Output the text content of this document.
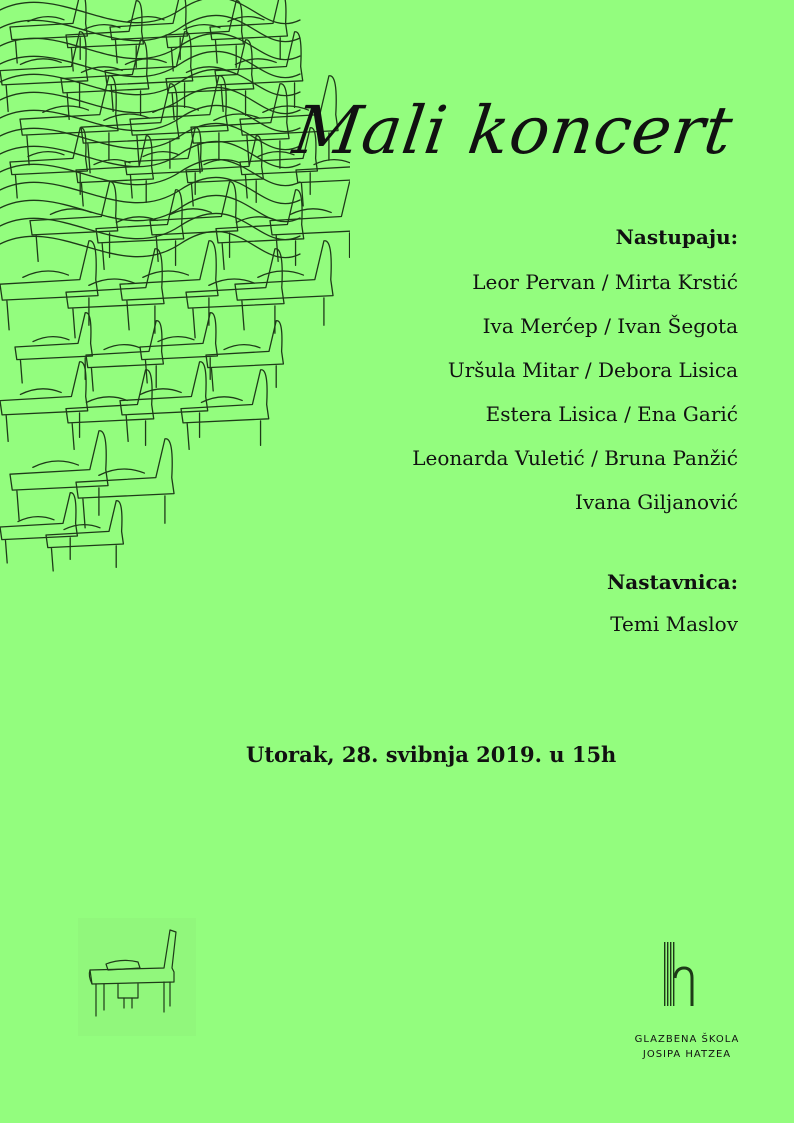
Mali koncert

Nastupaju:

Leor Pervan / Mirta Krstić
Iva Merćep / Ivan Šegota
Uršula Mitar / Debora Lisica
Estera Lisica / Ena Garić
Leonarda Vuletić / Bruna Panžić
Ivana Giljanović

Nastavnica:

Temi Maslov

Utorak, 28. svibnja 2019. u 15h

GLAZBENA ŠKOLA
JOSIPA HATZEA
